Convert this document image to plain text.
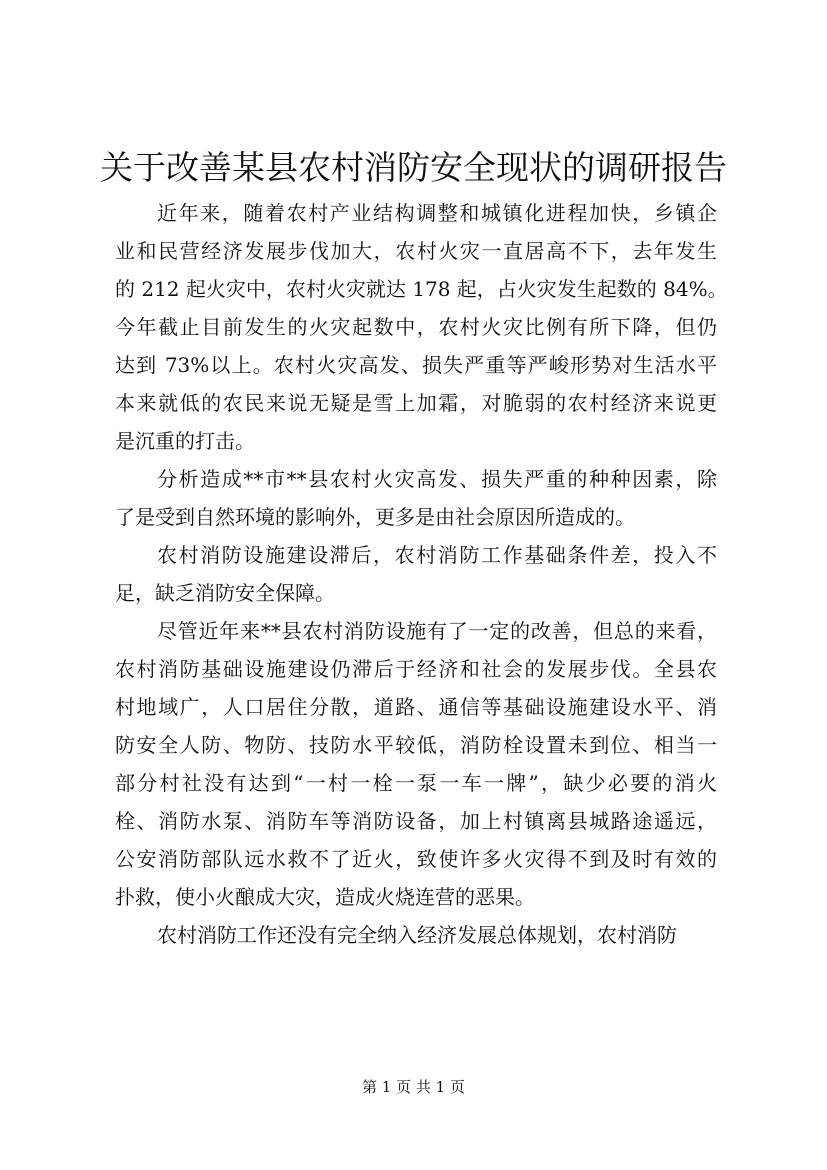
关于改善某县农村消防安全现状的调研报告
近年来，随着农村产业结构调整和城镇化进程加快，乡镇企
业和民营经济发展步伐加大，农村火灾一直居高不下，去年发生
的 212 起火灾中，农村火灾就达 178 起，占火灾发生起数的 84%。
今年截止目前发生的火灾起数中，农村火灾比例有所下降，但仍
达到 73%以上。农村火灾高发、损失严重等严峻形势对生活水平
本来就低的农民来说无疑是雪上加霜，对脆弱的农村经济来说更
是沉重的打击。
分析造成**市**县农村火灾高发、损失严重的种种因素，除
了是受到自然环境的影响外，更多是由社会原因所造成的。
农村消防设施建设滞后，农村消防工作基础条件差，投入不
足，缺乏消防安全保障。
尽管近年来**县农村消防设施有了一定的改善，但总的来看，
农村消防基础设施建设仍滞后于经济和社会的发展步伐。全县农
村地域广，人口居住分散，道路、通信等基础设施建设水平、消
防安全人防、物防、技防水平较低，消防栓设置未到位、相当一
部分村社没有达到“一村一栓一泵一车一牌”，缺少必要的消火
栓、消防水泵、消防车等消防设备，加上村镇离县城路途遥远，
公安消防部队远水救不了近火，致使许多火灾得不到及时有效的
扑救，使小火酿成大灾，造成火烧连营的恶果。
农村消防工作还没有完全纳入经济发展总体规划，农村消防
第 1 页 共 1 页
